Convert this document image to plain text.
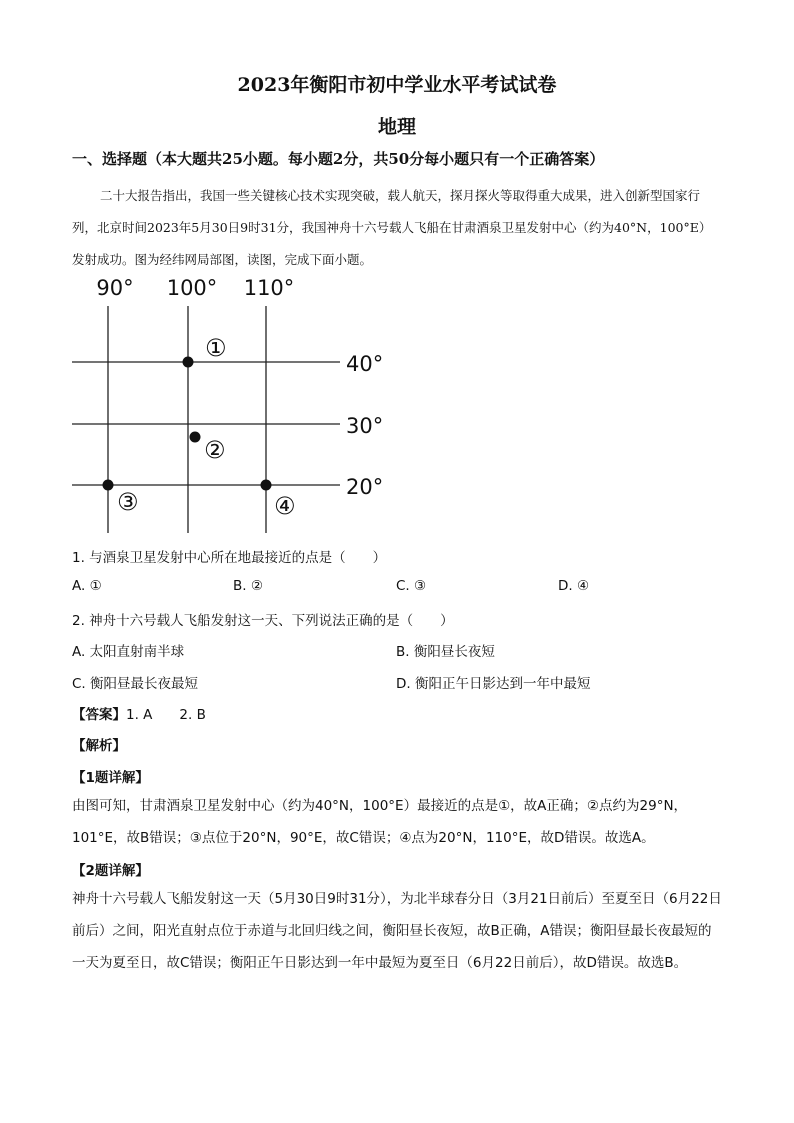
2023年衡阳市初中学业水平考试试卷
地理
一、选择题（本大题共25小题。每小题2分，共50分每小题只有一个正确答案）
二十大报告指出，我国一些关键核心技术实现突破，载人航天，探月探火等取得重大成果，进入创新型国家行列，北京时间2023年5月30日9时31分，我国神舟十六号载人飞船在甘肃酒泉卫星发射中心（约为40°N，100°E）发射成功。图为经纬网局部图，读图，完成下面小题。
90° 100° 110°
40°
30°
20°
①
②
③	④
1. 与酒泉卫星发射中心所在地最接近的点是（　　）
A. ①	B. ②	C. ③	D. ④
2. 神舟十六号载人飞船发射这一天、下列说法正确的是（　　）
A. 太阳直射南半球	B. 衡阳昼长夜短
C. 衡阳昼最长夜最短	D. 衡阳正午日影达到一年中最短
【答案】1. A　　2. B
【解析】
【1题详解】
由图可知，甘肃酒泉卫星发射中心（约为40°N，100°E）最接近的点是①，故A正确；②点约为29°N，101°E，故B错误；③点位于20°N，90°E，故C错误；④点为20°N，110°E，故D错误。故选A。
【2题详解】
神舟十六号载人飞船发射这一天（5月30日9时31分），为北半球春分日（3月21日前后）至夏至日（6月22日前后）之间，阳光直射点位于赤道与北回归线之间，衡阳昼长夜短，故B正确，A错误；衡阳昼最长夜最短的一天为夏至日，故C错误；衡阳正午日影达到一年中最短为夏至日（6月22日前后），故D错误。故选B。
